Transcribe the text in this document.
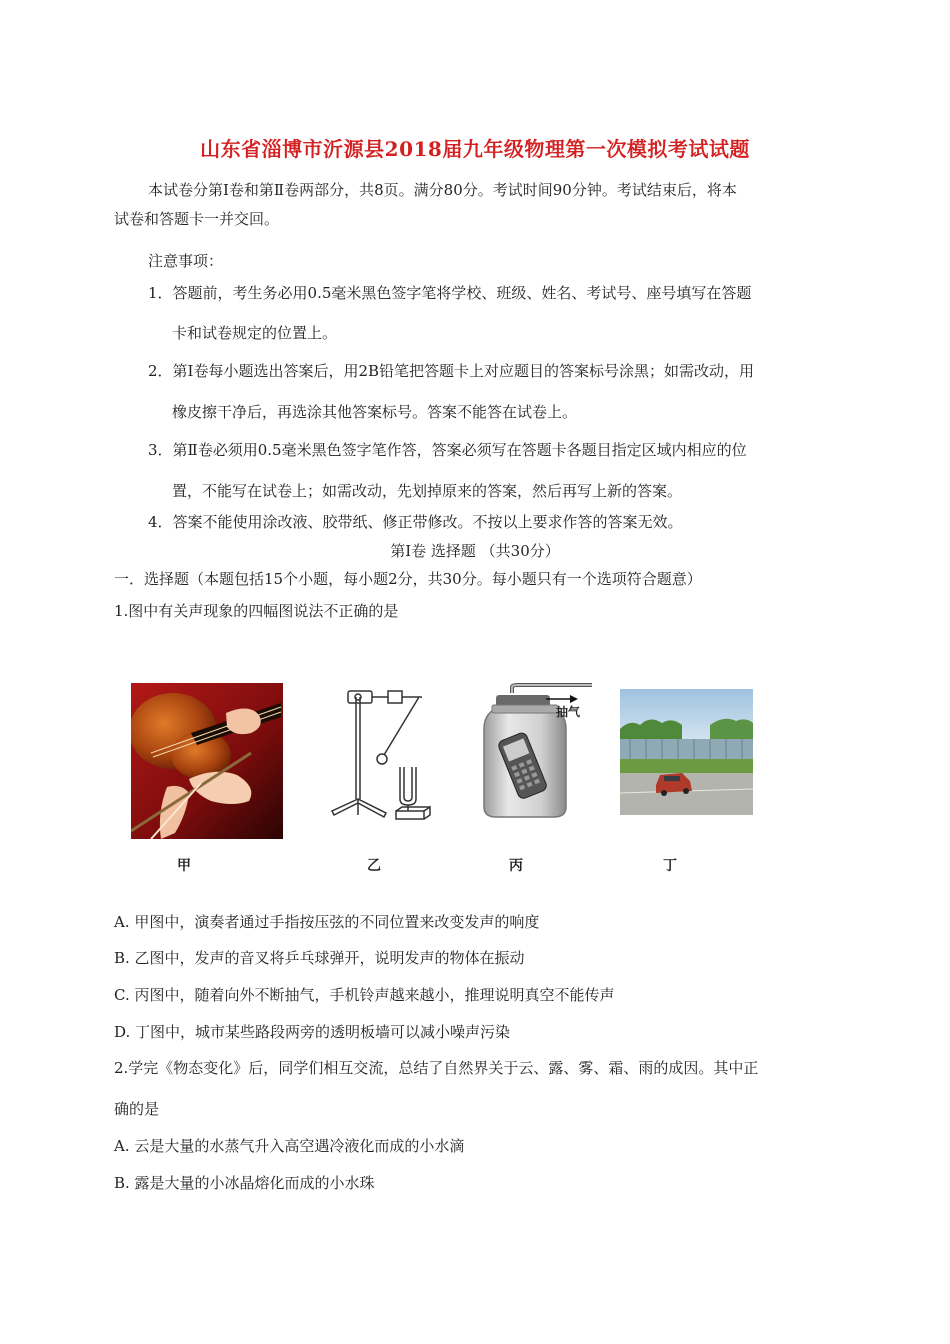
山东省淄博市沂源县2018届九年级物理第一次模拟考试试题
本试卷分第Ⅰ卷和第Ⅱ卷两部分，共8页。满分80分。考试时间90分钟。考试结束后，将本
试卷和答题卡一并交回。
注意事项：
1．答题前，考生务必用0.5毫米黑色签字笔将学校、班级、姓名、考试号、座号填写在答题
卡和试卷规定的位置上。
2．第Ⅰ卷每小题选出答案后，用2B铅笔把答题卡上对应题目的答案标号涂黑；如需改动，用
橡皮擦干净后，再选涂其他答案标号。答案不能答在试卷上。
3．第Ⅱ卷必须用0.5毫米黑色签字笔作答，答案必须写在答题卡各题目指定区域内相应的位
置，不能写在试卷上；如需改动，先划掉原来的答案，然后再写上新的答案。
4．答案不能使用涂改液、胶带纸、修正带修改。不按以上要求作答的答案无效。
第Ⅰ卷 选择题 （共30分）
一．选择题（本题包括15个小题，每小题2分，共30分。每小题只有一个选项符合题意）
1.图中有关声现象的四幅图说法不正确的是
抽气
甲	乙	丙	丁
A. 甲图中，演奏者通过手指按压弦的不同位置来改变发声的响度
B. 乙图中，发声的音叉将乒乓球弹开，说明发声的物体在振动
C. 丙图中，随着向外不断抽气，手机铃声越来越小，推理说明真空不能传声
D. 丁图中，城市某些路段两旁的透明板墙可以减小噪声污染
2.学完《物态变化》后，同学们相互交流，总结了自然界关于云、露、雾、霜、雨的成因。其中正
确的是
A. 云是大量的水蒸气升入高空遇冷液化而成的小水滴
B. 露是大量的小冰晶熔化而成的小水珠
